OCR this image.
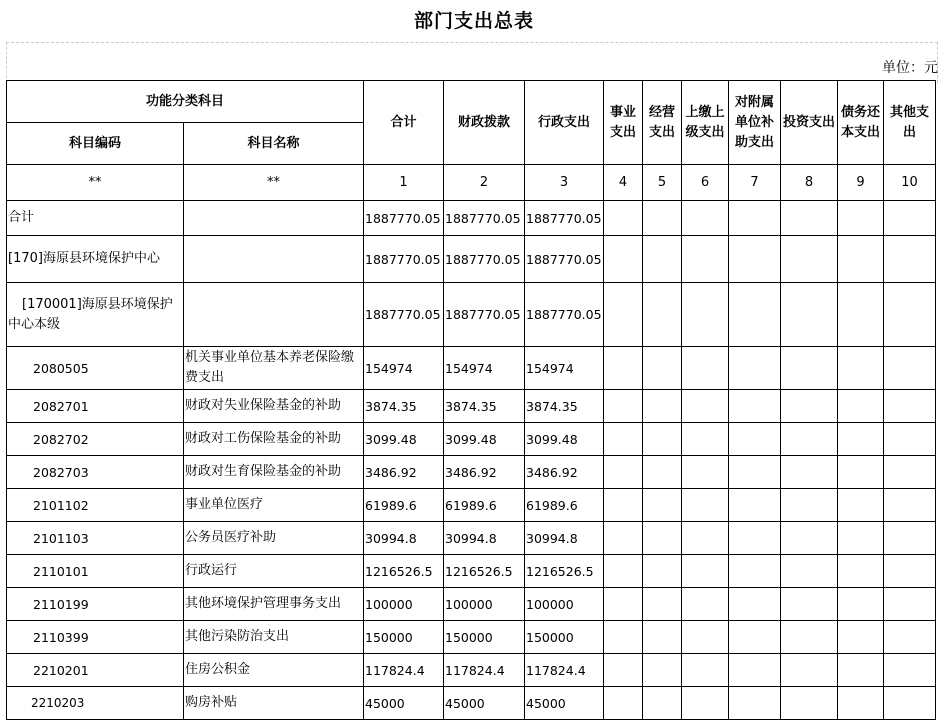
部门支出总表
单位：元
功能分类科目		合计	财政拨款	行政支出	事业支出	经营支出	上缴上级支出	对附属单位补助支出	投资支出	债务还本支出	其他支出
科目编码	科目名称										
**	**	1	2	3	4	5	6	7	8	9	10
合计		1887770.05	1887770.05	1887770.05							
[170]海原县环境保护中心		1887770.05	1887770.05	1887770.05							
[170001]海原县环境保护中心本级		1887770.05	1887770.05	1887770.05							
2080505	机关事业单位基本养老保险缴费支出	154974	154974	154974							
2082701	财政对失业保险基金的补助	3874.35	3874.35	3874.35							
2082702	财政对工伤保险基金的补助	3099.48	3099.48	3099.48							
2082703	财政对生育保险基金的补助	3486.92	3486.92	3486.92							
2101102	事业单位医疗	61989.6	61989.6	61989.6							
2101103	公务员医疗补助	30994.8	30994.8	30994.8							
2110101	行政运行	1216526.5	1216526.5	1216526.5							
2110199	其他环境保护管理事务支出	100000	100000	100000							
2110399	其他污染防治支出	150000	150000	150000							
2210201	住房公积金	117824.4	117824.4	117824.4							
2210203	购房补贴	45000	45000	45000							
